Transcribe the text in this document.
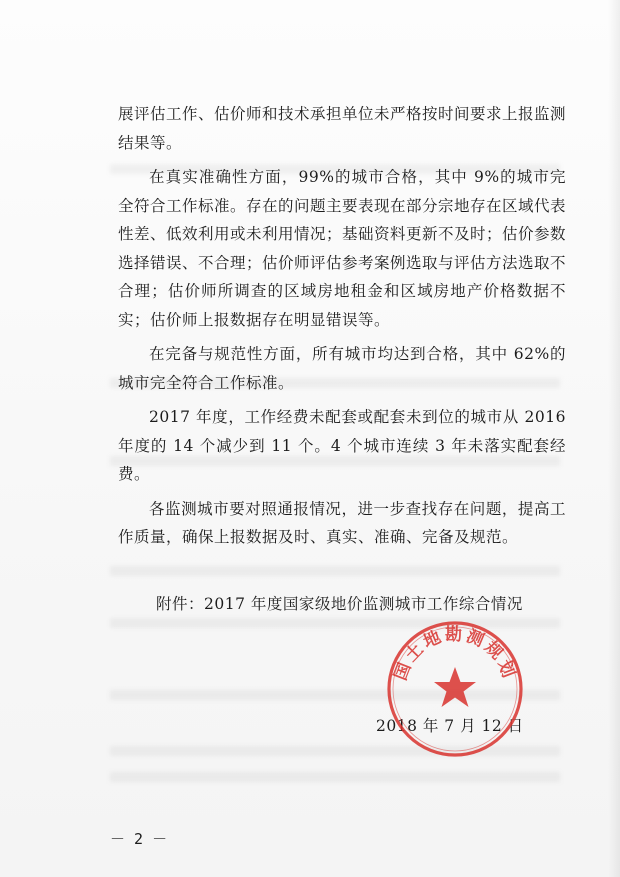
展评估工作、估价师和技术承担单位未严格按时间要求上报监测结果等。

在真实准确性方面，99%的城市合格，其中 9%的城市完全符合工作标准。存在的问题主要表现在部分宗地存在区域代表性差、低效利用或未利用情况；基础资料更新不及时；估价参数选择错误、不合理；估价师评估参考案例选取与评估方法选取不合理；估价师所调查的区域房地租金和区域房地产价格数据不实；估价师上报数据存在明显错误等。

在完备与规范性方面，所有城市均达到合格，其中 62%的城市完全符合工作标准。

2017 年度，工作经费未配套或配套未到位的城市从 2016 年度的 14 个减少到 11 个。4 个城市连续 3 年未落实配套经费。

各监测城市要对照通报情况，进一步查找存在问题，提高工作质量，确保上报数据及时、真实、准确、完备及规范。

附件：2017 年度国家级地价监测城市工作综合情况
2018 年 7 月 12 日
国土地勘测规划
－ 2 －
